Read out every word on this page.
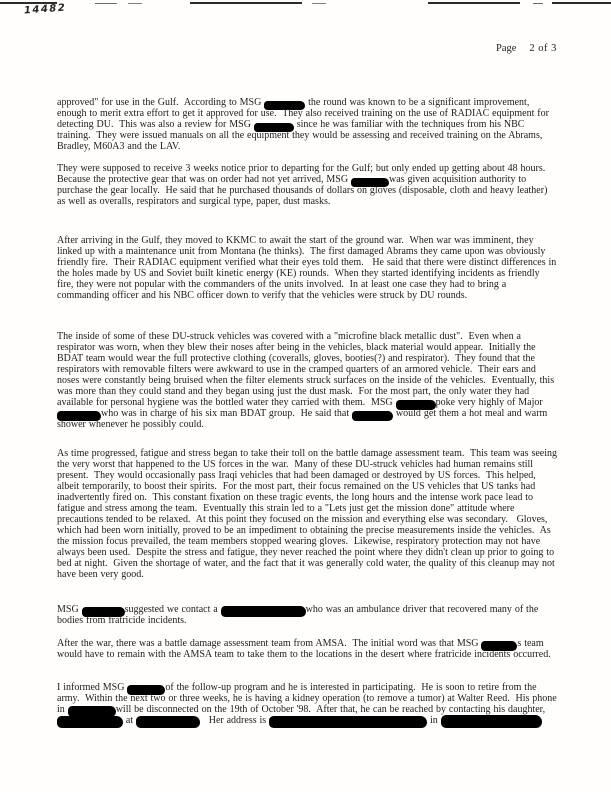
14482
Page 2 of 3
approved" for use in the Gulf.  According to MSG	the round was known to be a significant improvement, enough to merit extra effort to get it approved for use.  They also received training on the use of RADIAC equipment for detecting DU.  This was also a review for MSG	since he was familiar with the techniques from his NBC training.  They were issued manuals on all the equipment they would be assessing and received training on the Abrams, Bradley, M60A3 and the LAV.
They were supposed to receive 3 weeks notice prior to departing for the Gulf; but only ended up getting about 48 hours.  Because the protective gear that was on order had not yet arrived, MSG	was given acquisition authority to purchase the gear locally.  He said that he purchased thousands of dollars on gloves (disposable, cloth and heavy leather) as well as overalls, respirators and surgical type, paper, dust masks.
After arriving in the Gulf, they moved to KKMC to await the start of the ground war.  When war was imminent, they linked up with a maintenance unit from Montana (he thinks).  The first damaged Abrams they came upon was obviously friendly fire.  Their RADIAC equipment verified what their eyes told them.   He said that there were distinct differences in the holes made by US and Soviet built kinetic energy (KE) rounds.  When they started identifying incidents as friendly fire, they were not popular with the commanders of the units involved.  In at least one case they had to bring a commanding officer and his NBC officer down to verify that the vehicles were struck by DU rounds.
The inside of some of these DU-struck vehicles was covered with a "microfine black metallic dust".  Even when a respirator was worn, when they blew their noses after being in the vehicles, black material would appear.  Initially the BDAT team would wear the full protective clothing (coveralls, gloves, booties(?) and respirator).  They found that the respirators with removable filters were awkward to use in the cramped quarters of an armored vehicle.  Their ears and noses were constantly being bruised when the filter elements struck surfaces on the inside of the vehicles.  Eventually, this was more than they could stand and they began using just the dust mask.  For the most part, the only water they had available for personal hygiene was the bottled water they carried with them.  MSG	poke very highly of Majorwho was in charge of his six man BDAT group.  He said that	would get them a hot meal and warm shower whenever he possibly could.
As time progressed, fatigue and stress began to take their toll on the battle damage assessment team.  This team was seeing the very worst that happened to the US forces in the war.  Many of these DU-struck vehicles had human remains still present.  They would occasionally pass Iraqi vehicles that had been damaged or destroyed by US forces.  This helped, albeit temporarily, to boost their spirits.  For the most part, their focus remained on the US vehicles that US tanks had inadvertently fired on.  This constant fixation on these tragic events, the long hours and the intense work pace lead to fatigue and stress among the team.  Eventually this strain led to a "Lets just get the mission done" attitude where precautions tended to be relaxed.  At this point they focused on the mission and everything else was secondary.   Gloves, which had been worn initially, proved to be an impediment to obtaining the precise measurements inside the vehicles.  As the mission focus prevailed, the team members stopped wearing gloves.  Likewise, respiratory protection may not have always been used.  Despite the stress and fatigue, they never reached the point where they didn't clean up prior to going to bed at night.  Given the shortage of water, and the fact that it was generally cold water, the quality of this cleanup may not have been very good.
MSG	suggested we contact a	who was an ambulance driver that recovered many of the bodies from fratricide incidents.
After the war, there was a battle damage assessment team from AMSA.  The initial word was that MSG	s team would have to remain with the AMSA team to take them to the locations in the desert where fratricide incidents occurred.
I informed MSG	of the follow-up program and he is interested in participating.  He is soon to retire from the army.  Within the next two or three weeks, he is having a kidney operation (to remove a tumor) at Walter Reed.  His phone in	will be disconnected on the 19th of October '98.  After that, he can be reached by contacting his daughter,  at	Her address is	in
